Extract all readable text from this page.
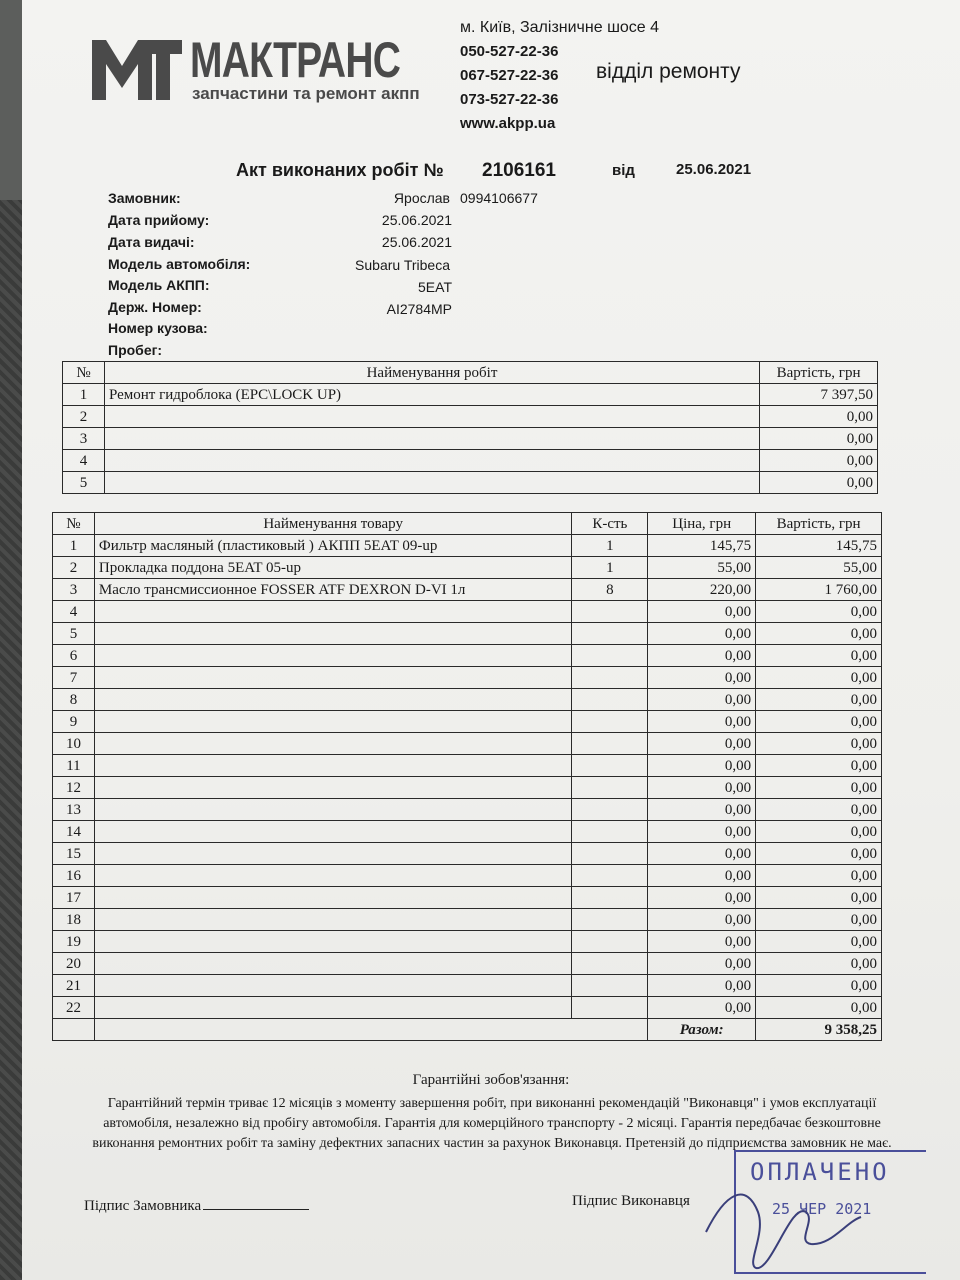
МАКТРАНС
запчастини та ремонт акпп
м. Київ, Залізничне шосе 4
050-527-22-36
067-527-22-36
073-527-22-36
www.akpp.ua
відділ ремонту
Акт виконаних робіт № 2106161	від	25.06.2021
Замовник:	Ярослав 0994106677
Дата прийому:	25.06.2021
Дата видачі:	25.06.2021
Модель автомобіля:	Subaru Tribeca
Модель АКПП:	5EAT
Держ. Номер:	AI2784MP
Номер кузова:
Пробег:
№	Найменування робіт	Вартість, грн
1	Ремонт гидроблока (EPC\LOCK UP)	7 397,50
2		0,00
3		0,00
4		0,00
5		0,00
№	Найменування товару	К-сть	Ціна, грн	Вартість, грн
1	Фильтр масляный (пластиковый ) АКПП 5EAT 09-up	1	145,75	145,75
2	Прокладка поддона 5EAT 05-up	1	55,00	55,00
3	Масло трансмиссионное FOSSER ATF DEXRON D-VI 1л	8	220,00	1 760,00
4			0,00	0,00
5			0,00	0,00
6			0,00	0,00
7			0,00	0,00
8			0,00	0,00
9			0,00	0,00
10			0,00	0,00
11			0,00	0,00
12			0,00	0,00
13			0,00	0,00
14			0,00	0,00
15			0,00	0,00
16			0,00	0,00
17			0,00	0,00
18			0,00	0,00
19			0,00	0,00
20			0,00	0,00
21			0,00	0,00
22			0,00	0,00
			Разом:	9 358,25
Гарантійні зобов'язання:
Гарантійний термін триває 12 місяців з моменту завершення робіт, при виконанні рекомендацій "Виконавця" і умов експлуатації автомобіля, незалежно від пробігу автомобіля. Гарантія для комерційного транспорту - 2 місяці. Гарантія передбачає безкоштовне виконання ремонтних робіт та заміну дефектних запасних частин за рахунок Виконавця. Претензій до підприємства замовник не має.
Підпис Замовника	Підпис Виконавця
ОПЛАЧЕНО
25 ЧЕР 2021
